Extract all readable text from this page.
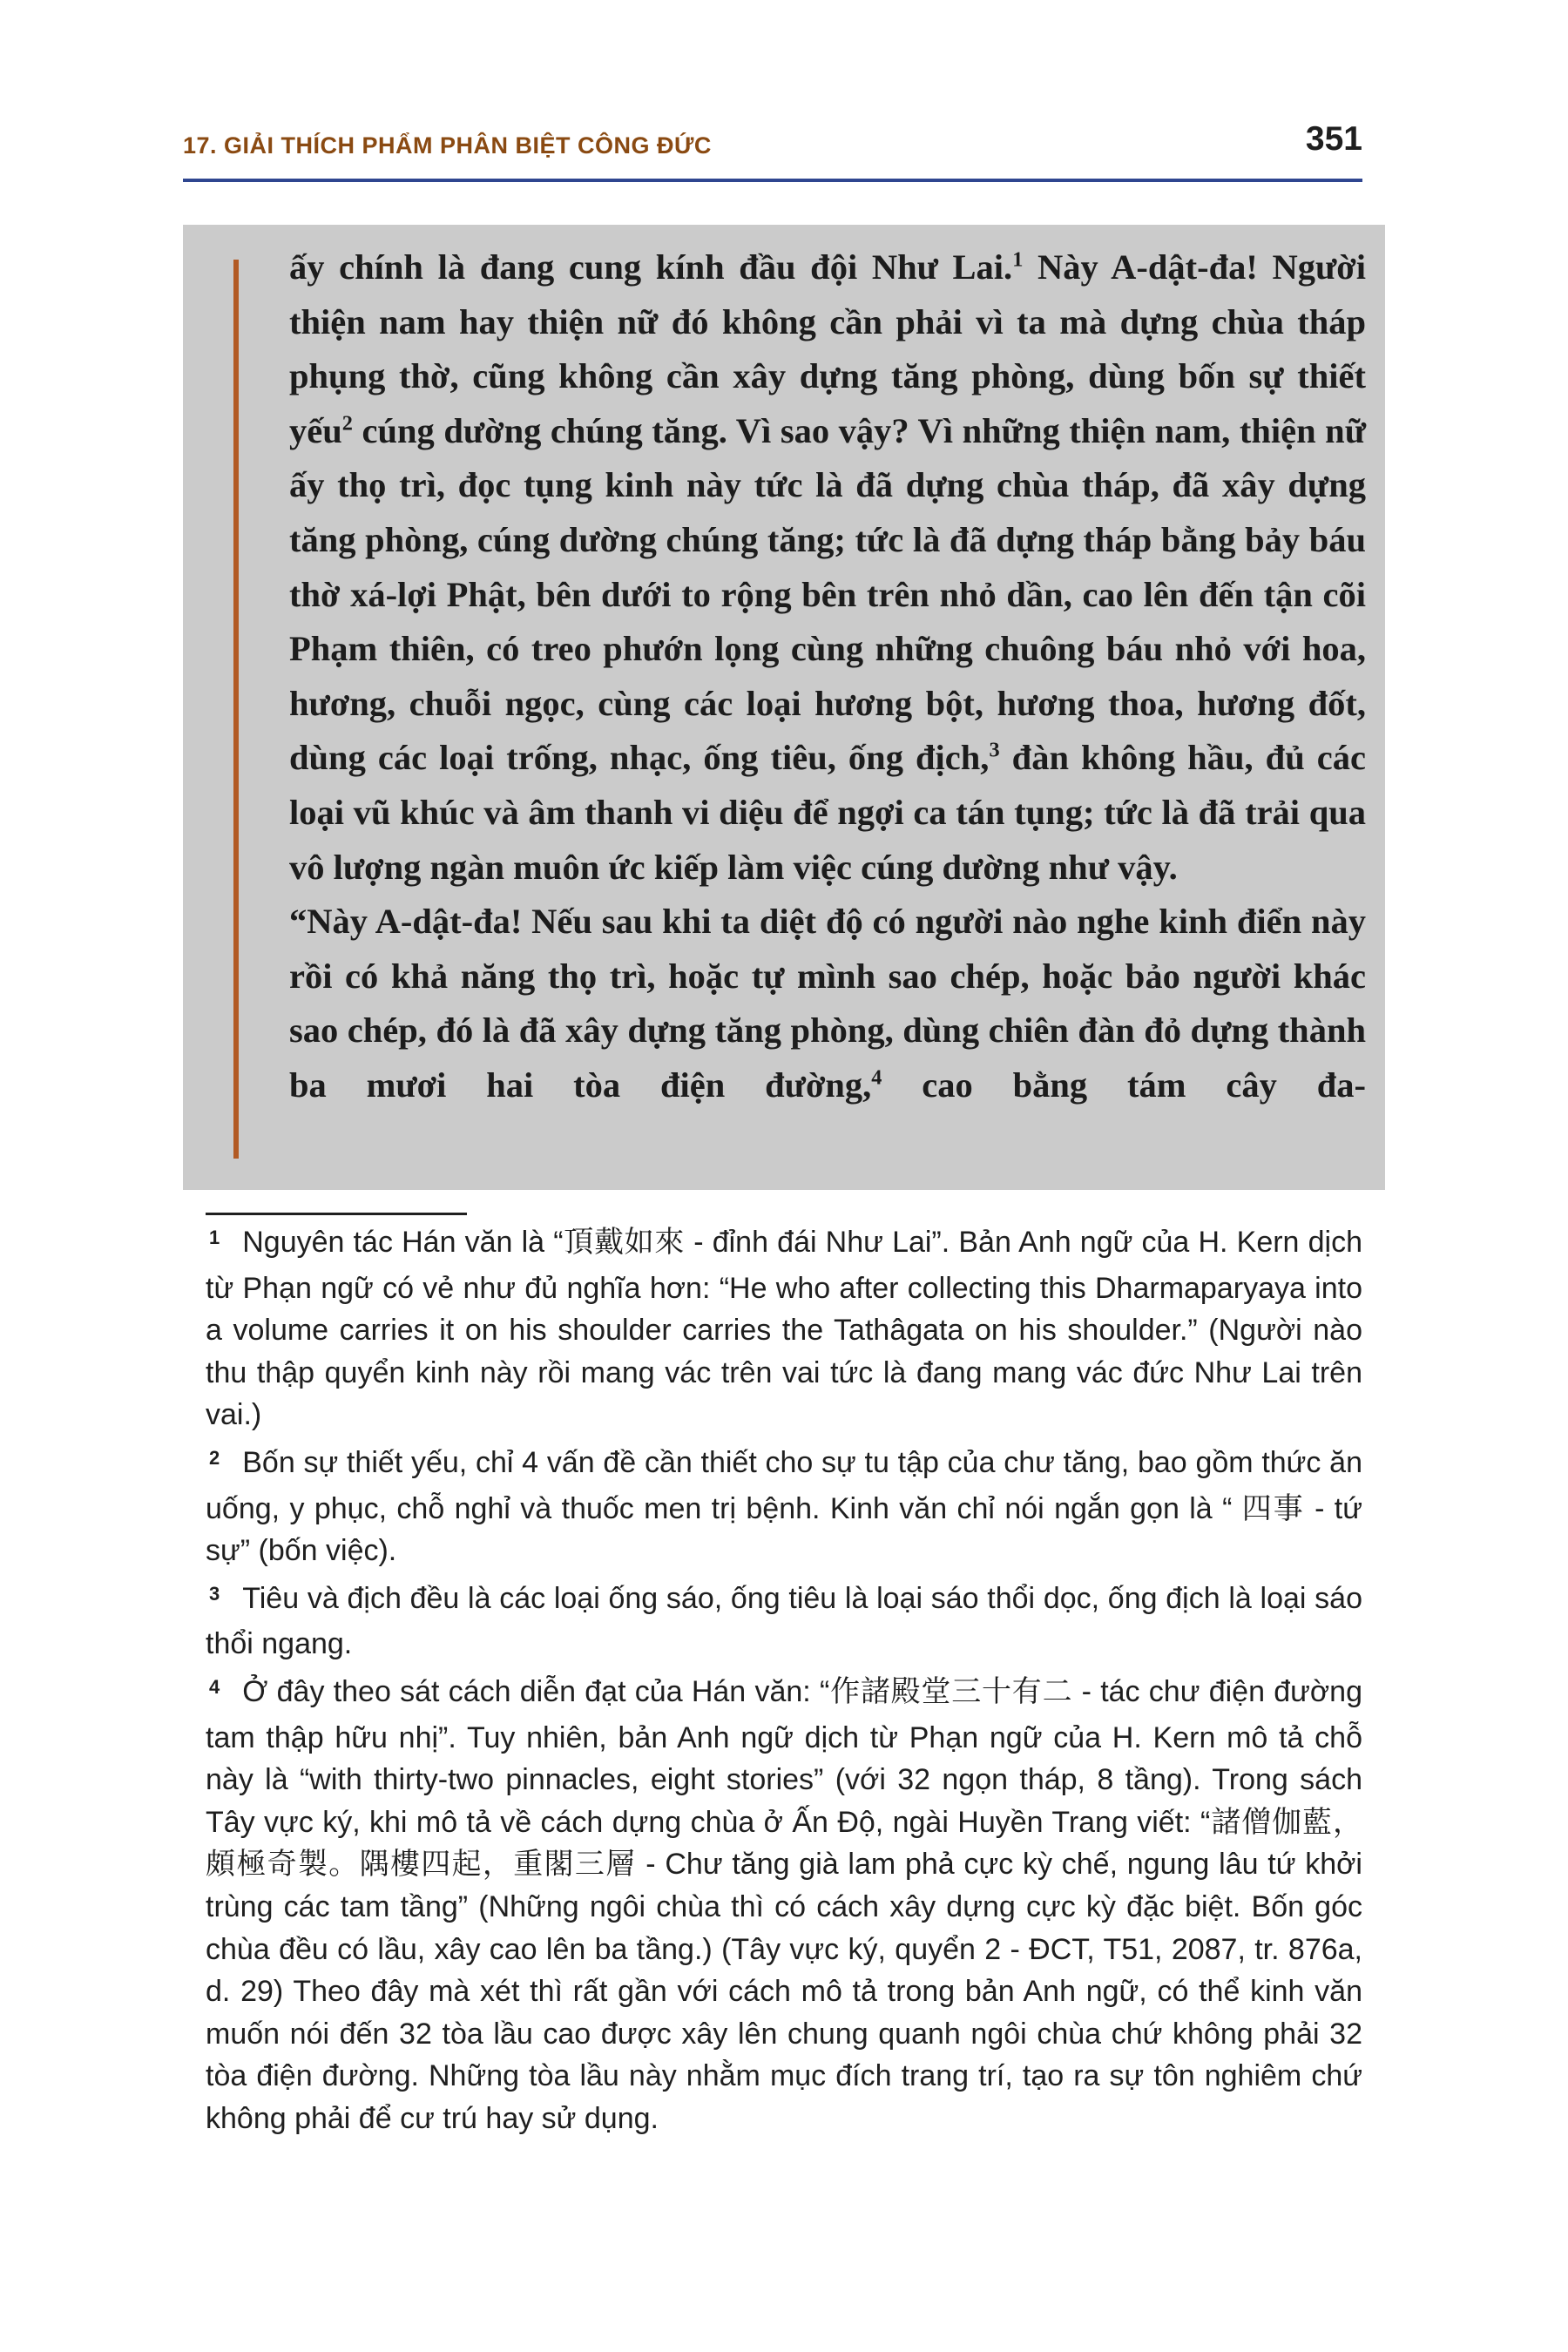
17. GIẢI THÍCH PHẨM PHÂN BIỆT CÔNG ĐỨC	351

ấy chính là đang cung kính đầu đội Như Lai.$^1$ Này A-dật-đa! Người thiện nam hay thiện nữ đó không cần phải vì ta mà dựng chùa tháp phụng thờ, cũng không cần xây dựng tăng phòng, dùng bốn sự thiết yếu$^2$ cúng dường chúng tăng. Vì sao vậy? Vì những thiện nam, thiện nữ ấy thọ trì, đọc tụng kinh này tức là đã dựng chùa tháp, đã xây dựng tăng phòng, cúng dường chúng tăng; tức là đã dựng tháp bằng bảy báu thờ xá-lợi Phật, bên dưới to rộng bên trên nhỏ dần, cao lên đến tận cõi Phạm thiên, có treo phướn lọng cùng những chuông báu nhỏ với hoa, hương, chuỗi ngọc, cùng các loại hương bột, hương thoa, hương đốt, dùng các loại trống, nhạc, ống tiêu, ống địch,$^3$ đàn không hầu, đủ các loại vũ khúc và âm thanh vi diệu để ngợi ca tán tụng; tức là đã trải qua vô lượng ngàn muôn ức kiếp làm việc cúng dường như vậy.

“Này A-dật-đa! Nếu sau khi ta diệt độ có người nào nghe kinh điển này rồi có khả năng thọ trì, hoặc tự mình sao chép, hoặc bảo người khác sao chép, đó là đã xây dựng tăng phòng, dùng chiên đàn đỏ dựng thành ba mươi hai tòa điện đường,$^4$ cao bằng tám cây đa-

$^1$ Nguyên tác Hán văn là “頂戴如來 - đỉnh đái Như Lai”. Bản Anh ngữ của H. Kern dịch từ Phạn ngữ có vẻ như đủ nghĩa hơn: “He who after collecting this Dharmaparyaya into a volume carries it on his shoulder carries the Tathâgata on his shoulder.” (Người nào thu thập quyển kinh này rồi mang vác trên vai tức là đang mang vác đức Như Lai trên vai.)
$^2$ Bốn sự thiết yếu, chỉ 4 vấn đề cần thiết cho sự tu tập của chư tăng, bao gồm thức ăn uống, y phục, chỗ nghỉ và thuốc men trị bệnh. Kinh văn chỉ nói ngắn gọn là “ 四事 - tứ sự” (bốn việc).
$^3$ Tiêu và địch đều là các loại ống sáo, ống tiêu là loại sáo thổi dọc, ống địch là loại sáo thổi ngang.
$^4$ Ở đây theo sát cách diễn đạt của Hán văn: “作諸殿堂三十有二 - tác chư điện đường tam thập hữu nhị”. Tuy nhiên, bản Anh ngữ dịch từ Phạn ngữ của H. Kern mô tả chỗ này là “with thirty-two pinnacles, eight stories” (với 32 ngọn tháp, 8 tầng). Trong sách Tây vực ký, khi mô tả về cách dựng chùa ở Ấn Độ, ngài Huyền Trang viết: “諸僧伽藍，頗極奇製。隅樓四起，重閣三層 - Chư tăng già lam phả cực kỳ chế, ngung lâu tứ khởi trùng các tam tầng” (Những ngôi chùa thì có cách xây dựng cực kỳ đặc biệt. Bốn góc chùa đều có lầu, xây cao lên ba tầng.) (Tây vực ký, quyển 2 - ĐCT, T51, 2087, tr. 876a, d. 29) Theo đây mà xét thì rất gần với cách mô tả trong bản Anh ngữ, có thể kinh văn muốn nói đến 32 tòa lầu cao được xây lên chung quanh ngôi chùa chứ không phải 32 tòa điện đường. Những tòa lầu này nhằm mục đích trang trí, tạo ra sự tôn nghiêm chứ không phải để cư trú hay sử dụng.
